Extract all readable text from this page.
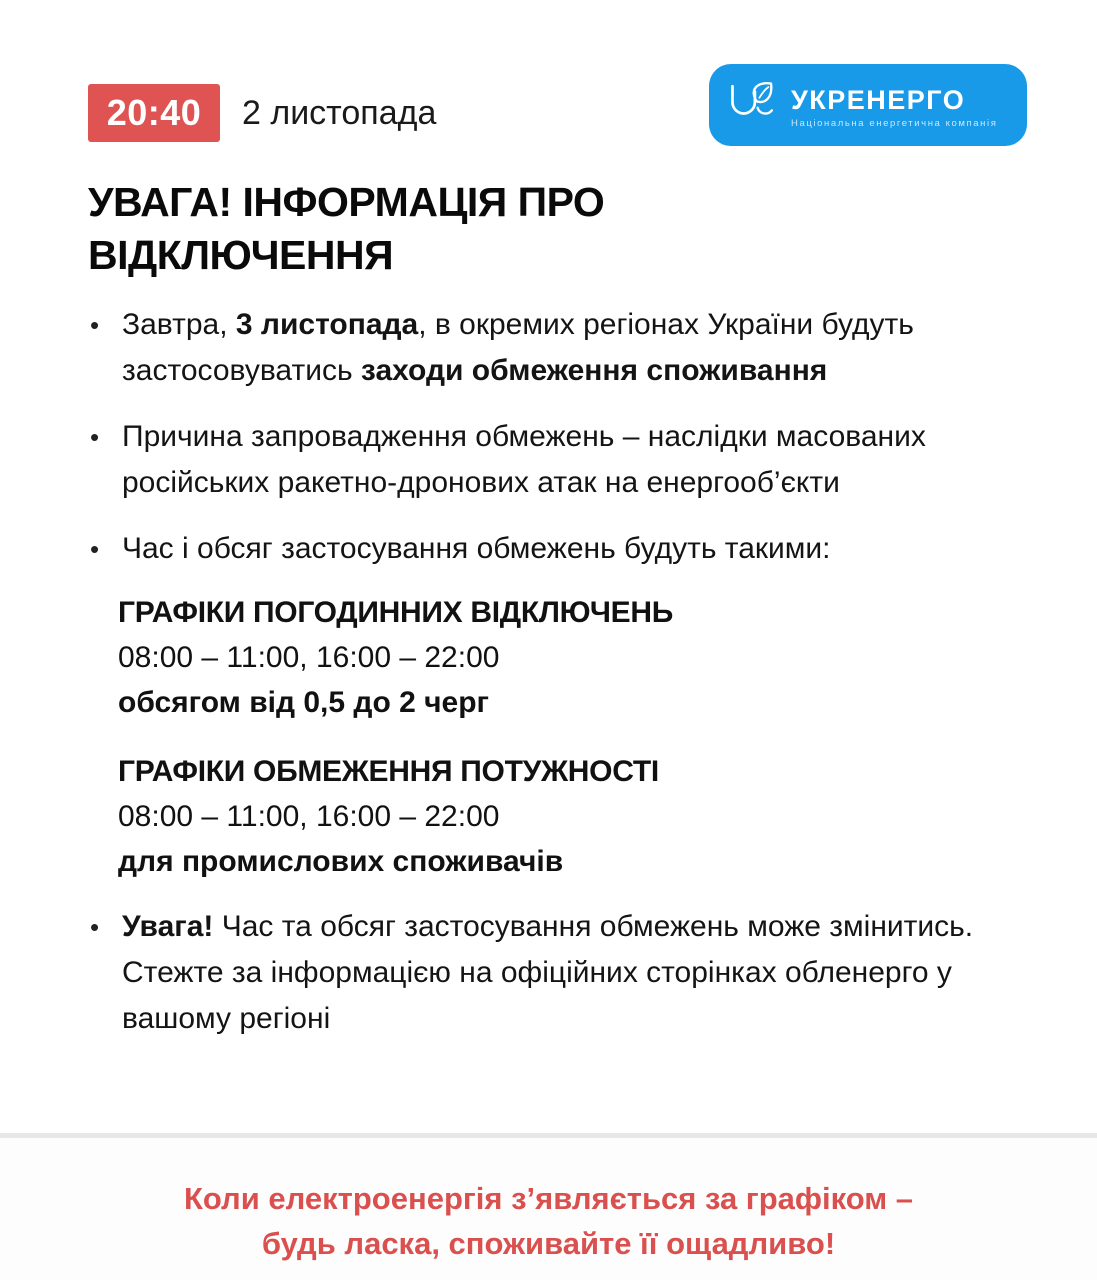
20:40 2 листопада	УКРЕНЕРГО
Національна енергетична компанія
УВАГА! ІНФОРМАЦІЯ ПРО
ВІДКЛЮЧЕННЯ
• Завтра, 3 листопада, в окремих регіонах України будуть застосовуватись заходи обмеження споживання

• Причина запровадження обмежень – наслідки масованих російських ракетно-дронових атак на енергооб’єкти

• Час і обсяг застосування обмежень будуть такими:

ГРАФІКИ ПОГОДИННИХ ВІДКЛЮЧЕНЬ
08:00 – 11:00, 16:00 – 22:00
обсягом від 0,5 до 2 черг
ГРАФІКИ ОБМЕЖЕННЯ ПОТУЖНОСТІ
08:00 – 11:00, 16:00 – 22:00
для промислових споживачів
• Увага! Час та обсяг застосування обмежень може змінитись. Стежте за інформацією на офіційних сторінках обленерго у вашому регіоні

Коли електроенергія з’являється за графіком –
будь ласка, споживайте її ощадливо!
